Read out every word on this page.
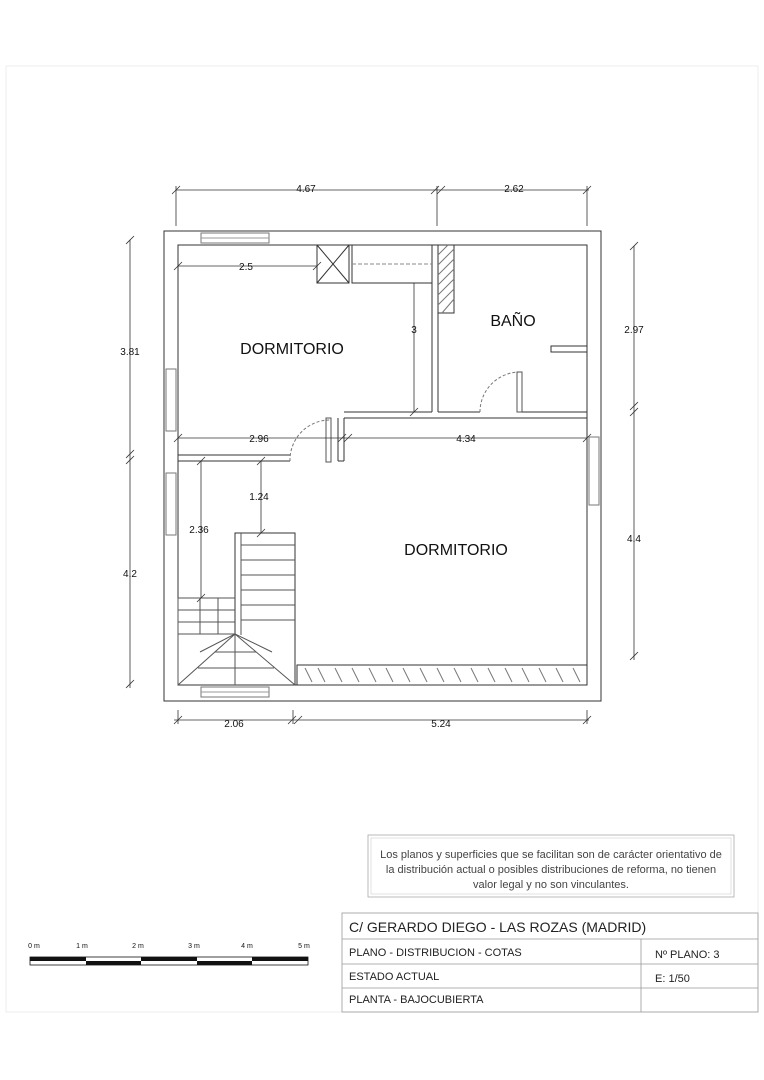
4.67	2.62
3.81
4.2
2.97
4.4
2.06	5.24
2.5
3
2.96	4.34
1.24
2.36
DORMITORIO
BAÑO
DORMITORIO
Los planos y superficies que se facilitan son de carácter orientativo de
la distribución actual o posibles distribuciones de reforma, no tienen
valor legal y no son vinculantes.
0 m	1 m	2 m	3 m	4 m	5 m
C/ GERARDO DIEGO - LAS ROZAS (MADRID)
PLANO - DISTRIBUCION - COTAS	Nº PLANO: 3
ESTADO ACTUAL	E: 1/50
PLANTA - BAJOCUBIERTA
